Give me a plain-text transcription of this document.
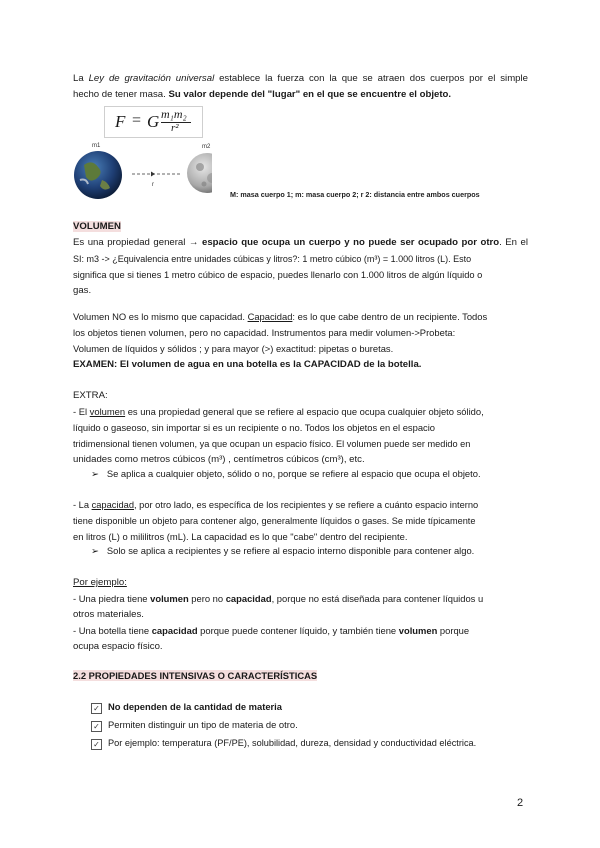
La Ley de gravitación universal establece la fuerza con la que se atraen dos cuerpos por el simple
hecho de tener masa. Su valor depende del "lugar" en el que se encuentre el objeto.

F = G m₁m₂
r²
m1	m2
r
M: masa cuerpo 1; m: masa cuerpo 2; r 2: distancia entre ambos cuerpos
VOLUMEN

Es una propiedad general → espacio que ocupa un cuerpo y no puede ser ocupado por otro. En el
SI: m3 -> ¿Equivalencia entre unidades cúbicas y litros?: 1 metro cúbico (m³) = 1.000 litros (L). Esto
significa que si tienes 1 metro cúbico de espacio, puedes llenarlo con 1.000 litros de algún líquido o
gas.

Volumen NO es lo mismo que capacidad. Capacidad: es lo que cabe dentro de un recipiente. Todos
los objetos tienen volumen, pero no capacidad. Instrumentos para medir volumen->Probeta:
Volumen de líquidos y sólidos ; y para mayor (>) exactitud: pipetas o buretas.
EXAMEN: El volumen de agua en una botella es la CAPACIDAD de la botella.

EXTRA:

- El volumen es una propiedad general que se refiere al espacio que ocupa cualquier objeto sólido,
líquido o gaseoso, sin importar si es un recipiente o no. Todos los objetos en el espacio
tridimensional tienen volumen, ya que ocupan un espacio físico. El volumen puede ser medido en
unidades como metros cúbicos (m³) , centímetros cúbicos (cm³), etc.

➢ Se aplica a cualquier objeto, sólido o no, porque se refiere al espacio que ocupa el objeto.

- La capacidad, por otro lado, es específica de los recipientes y se refiere a cuánto espacio interno
tiene disponible un objeto para contener algo, generalmente líquidos o gases. Se mide típicamente
en litros (L) o mililitros (mL). La capacidad es lo que "cabe" dentro del recipiente.

➢ Solo se aplica a recipientes y se refiere al espacio interno disponible para contener algo.

Por ejemplo:

- Una piedra tiene volumen pero no capacidad, porque no está diseñada para contener líquidos u
otros materiales.
- Una botella tiene capacidad porque puede contener líquido, y también tiene volumen porque
ocupa espacio físico.

2.2 PROPIEDADES INTENSIVAS O CARACTERÍSTICAS
✓ No dependen de la cantidad de materia
✓ Permiten distinguir un tipo de materia de otro.
✓ Por ejemplo: temperatura (PF/PE), solubilidad, dureza, densidad y conductividad eléctrica.
2
